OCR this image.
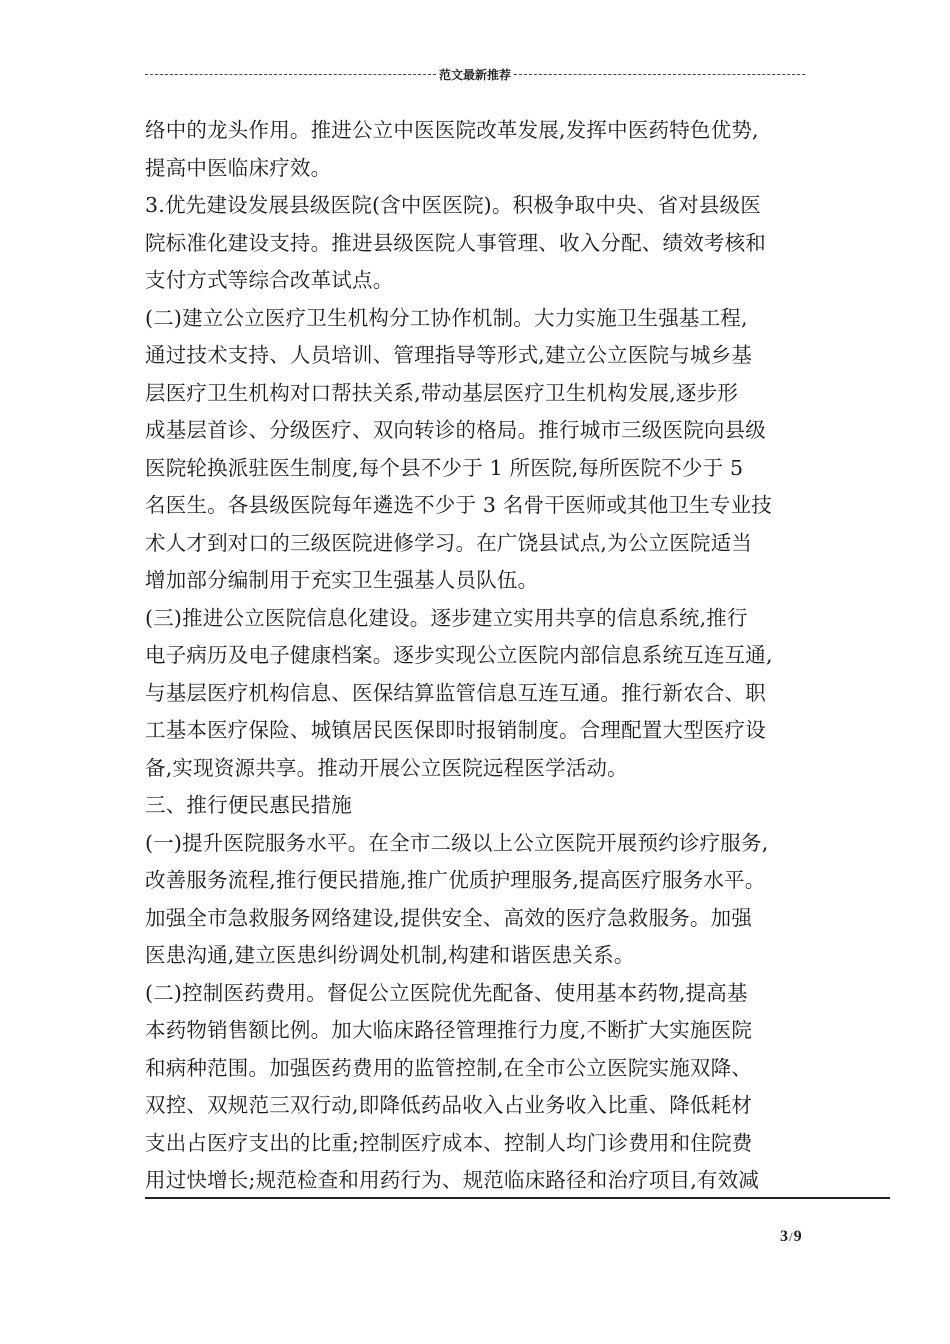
范文最新推荐
络中的龙头作用。推进公立中医医院改革发展,发挥中医药特色优势,
提高中医临床疗效。
3.优先建设发展县级医院(含中医医院)。积极争取中央、省对县级医
院标准化建设支持。推进县级医院人事管理、收入分配、绩效考核和
支付方式等综合改革试点。
(二)建立公立医疗卫生机构分工协作机制。大力实施卫生强基工程,
通过技术支持、人员培训、管理指导等形式,建立公立医院与城乡基
层医疗卫生机构对口帮扶关系,带动基层医疗卫生机构发展,逐步形
成基层首诊、分级医疗、双向转诊的格局。推行城市三级医院向县级
医院轮换派驻医生制度,每个县不少于 1 所医院,每所医院不少于 5
名医生。各县级医院每年遴选不少于 3 名骨干医师或其他卫生专业技
术人才到对口的三级医院进修学习。在广饶县试点,为公立医院适当
增加部分编制用于充实卫生强基人员队伍。
(三)推进公立医院信息化建设。逐步建立实用共享的信息系统,推行
电子病历及电子健康档案。逐步实现公立医院内部信息系统互连互通,
与基层医疗机构信息、医保结算监管信息互连互通。推行新农合、职
工基本医疗保险、城镇居民医保即时报销制度。合理配置大型医疗设
备,实现资源共享。推动开展公立医院远程医学活动。
三、推行便民惠民措施
(一)提升医院服务水平。在全市二级以上公立医院开展预约诊疗服务,
改善服务流程,推行便民措施,推广优质护理服务,提高医疗服务水平。
加强全市急救服务网络建设,提供安全、高效的医疗急救服务。加强
医患沟通,建立医患纠纷调处机制,构建和谐医患关系。
(二)控制医药费用。督促公立医院优先配备、使用基本药物,提高基
本药物销售额比例。加大临床路径管理推行力度,不断扩大实施医院
和病种范围。加强医药费用的监管控制,在全市公立医院实施双降、
双控、双规范三双行动,即降低药品收入占业务收入比重、降低耗材
支出占医疗支出的比重;控制医疗成本、控制人均门诊费用和住院费
用过快增长;规范检查和用药行为、规范临床路径和治疗项目,有效减
3/9
